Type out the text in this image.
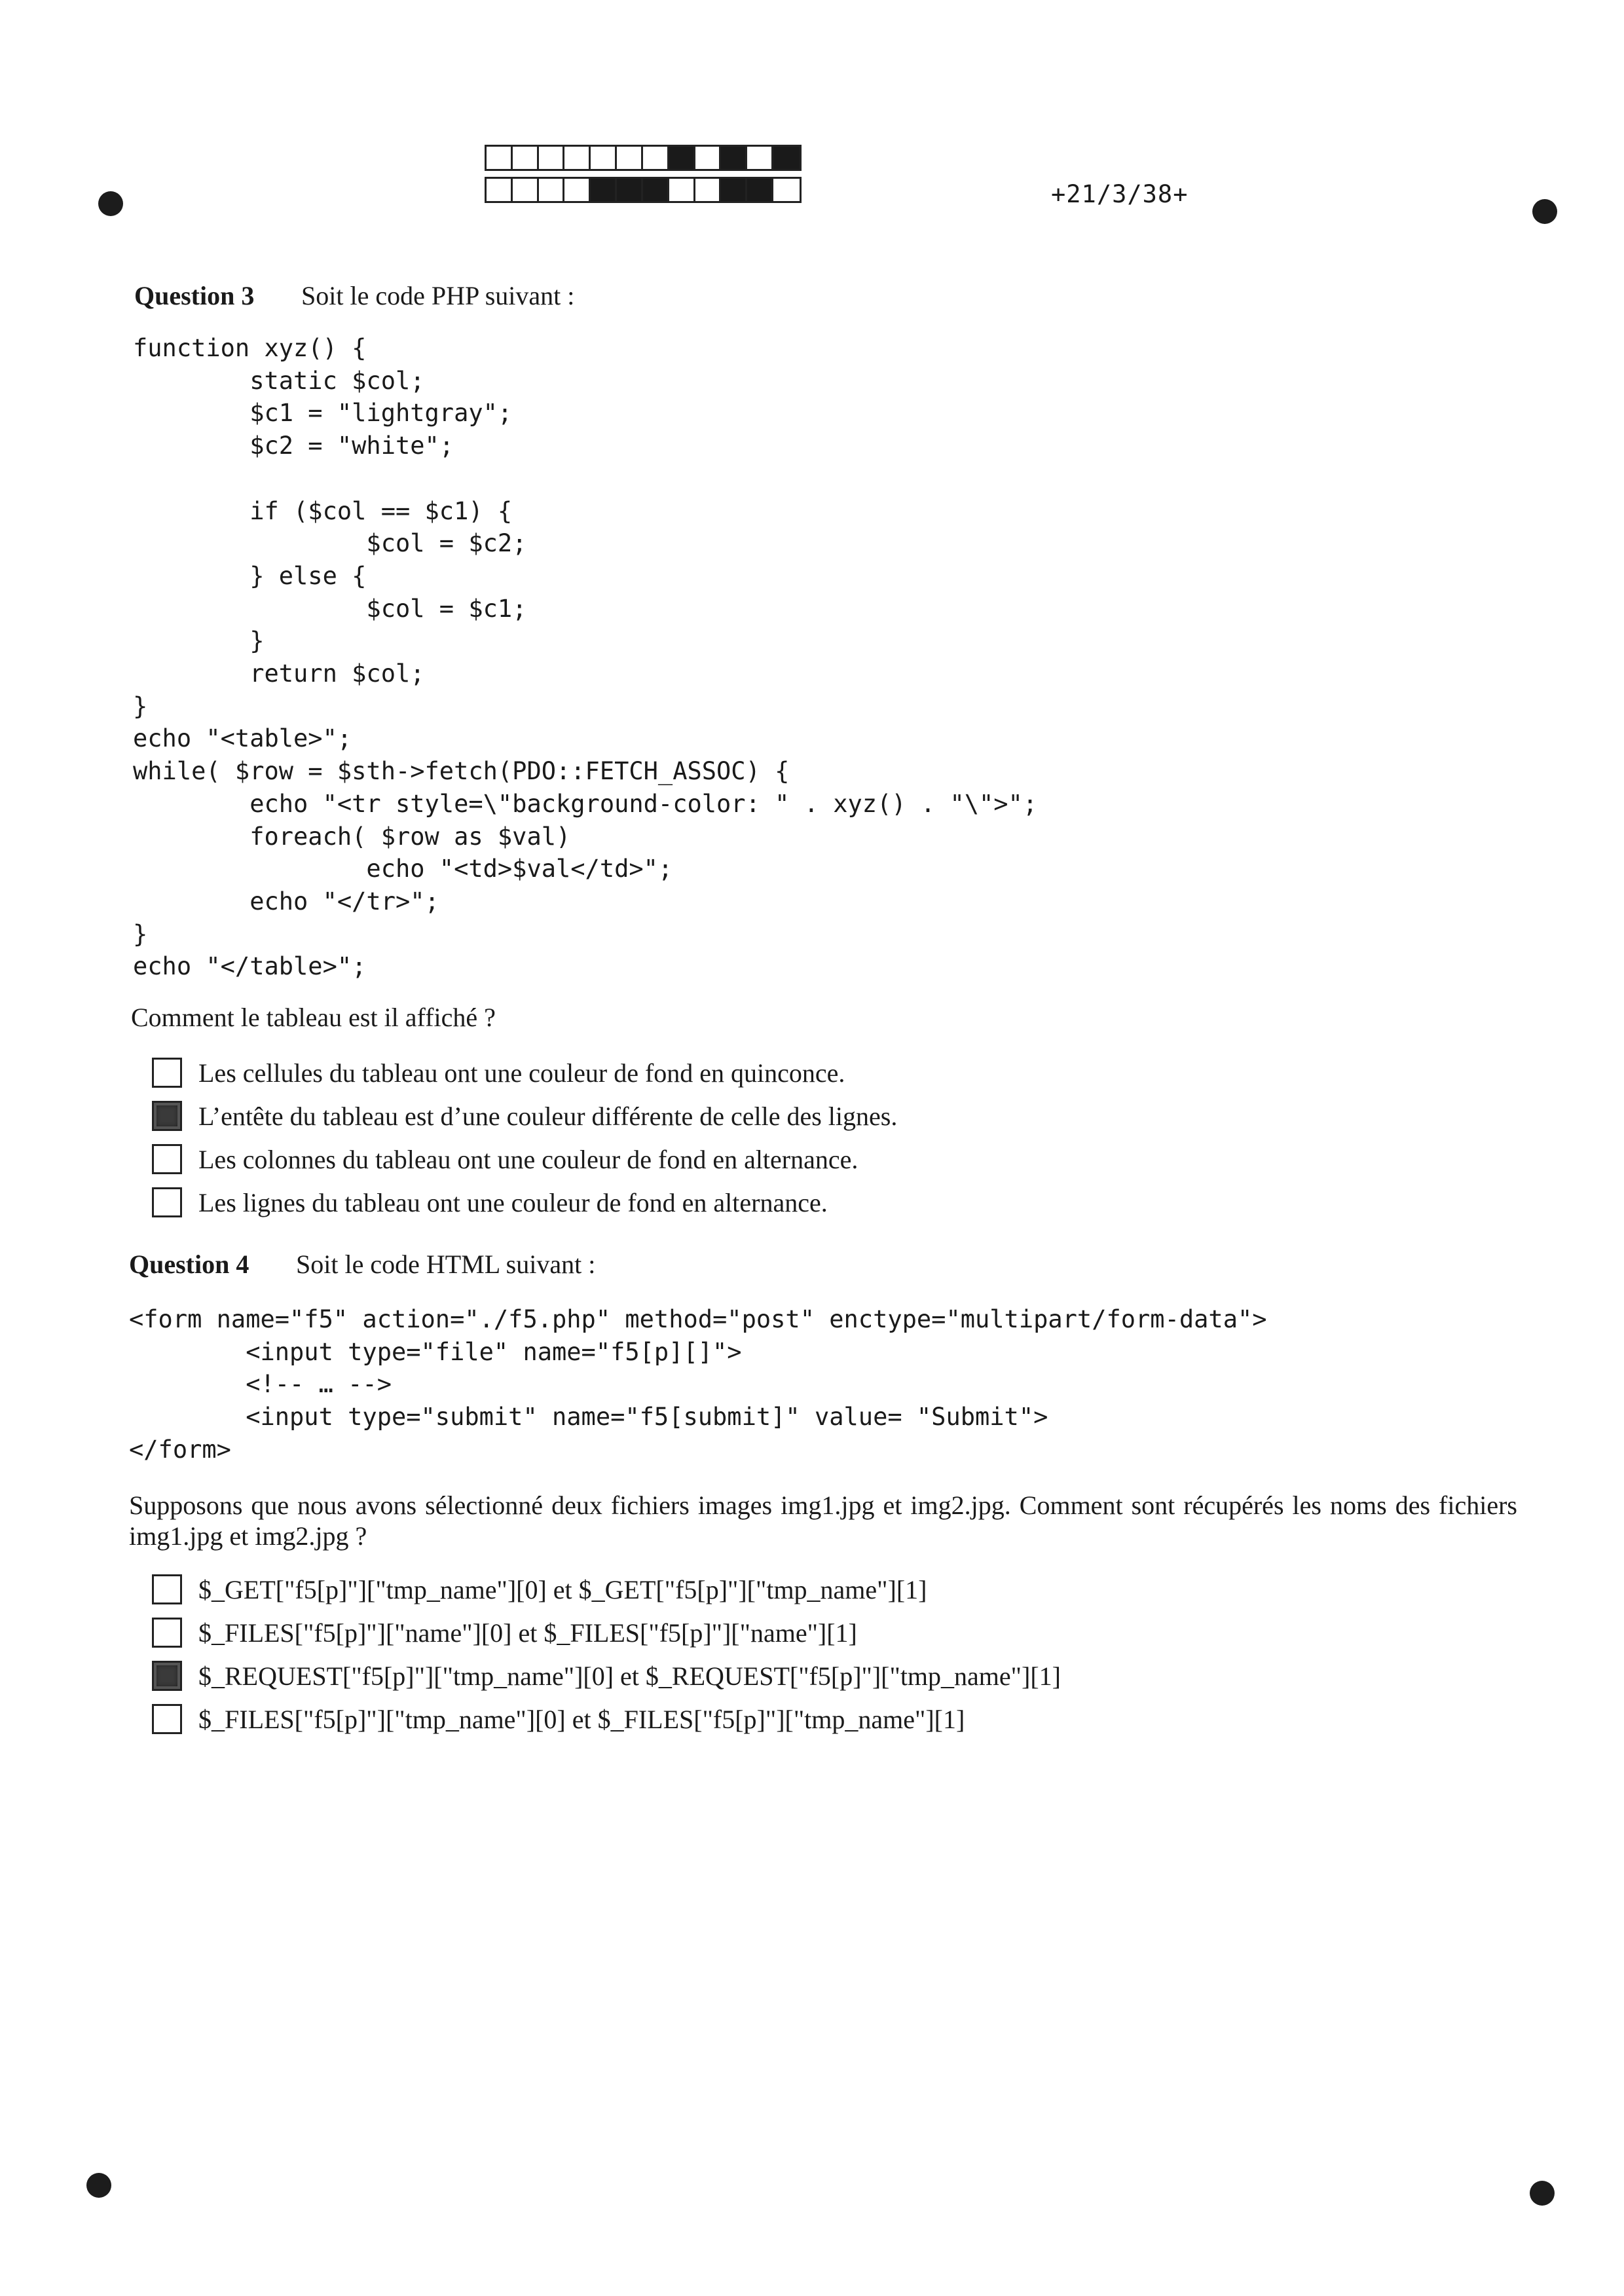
+21/3/38+
Question 3 Soit le code PHP suivant :
function xyz() {
static $col;
$c1 = "lightgray";
$c2 = "white";

if ($col == $c1) {
$col = $c2;
} else {
$col = $c1;
}
return $col;
}
echo "<table>";
while( $row = $sth->fetch(PDO::FETCH_ASSOC) {
echo "<tr style=\"background-color: " . xyz() . "\">";
foreach( $row as $val)
echo "<td>$val</td>";
echo "</tr>";
}
echo "</table>";
Comment le tableau est il affiché ?
Les cellules du tableau ont une couleur de fond en quinconce.
L’entête du tableau est d’une couleur différente de celle des lignes.
Les colonnes du tableau ont une couleur de fond en alternance.
Les lignes du tableau ont une couleur de fond en alternance.
Question 4 Soit le code HTML suivant :
<form name="f5" action="./f5.php" method="post" enctype="multipart/form-data">
<input type="file" name="f5[p][]">
<!-- … -->
<input type="submit" name="f5[submit]" value= "Submit">
</form>
Supposons que nous avons sélectionné deux fichiers images img1.jpg et img2.jpg. Comment sont récupérés les noms des fichiers img1.jpg et img2.jpg ?
$_GET["f5[p]"]["tmp_name"][0] et $_GET["f5[p]"]["tmp_name"][1]
$_FILES["f5[p]"]["name"][0] et $_FILES["f5[p]"]["name"][1]
$_REQUEST["f5[p]"]["tmp_name"][0] et $_REQUEST["f5[p]"]["tmp_name"][1]
$_FILES["f5[p]"]["tmp_name"][0] et $_FILES["f5[p]"]["tmp_name"][1]
